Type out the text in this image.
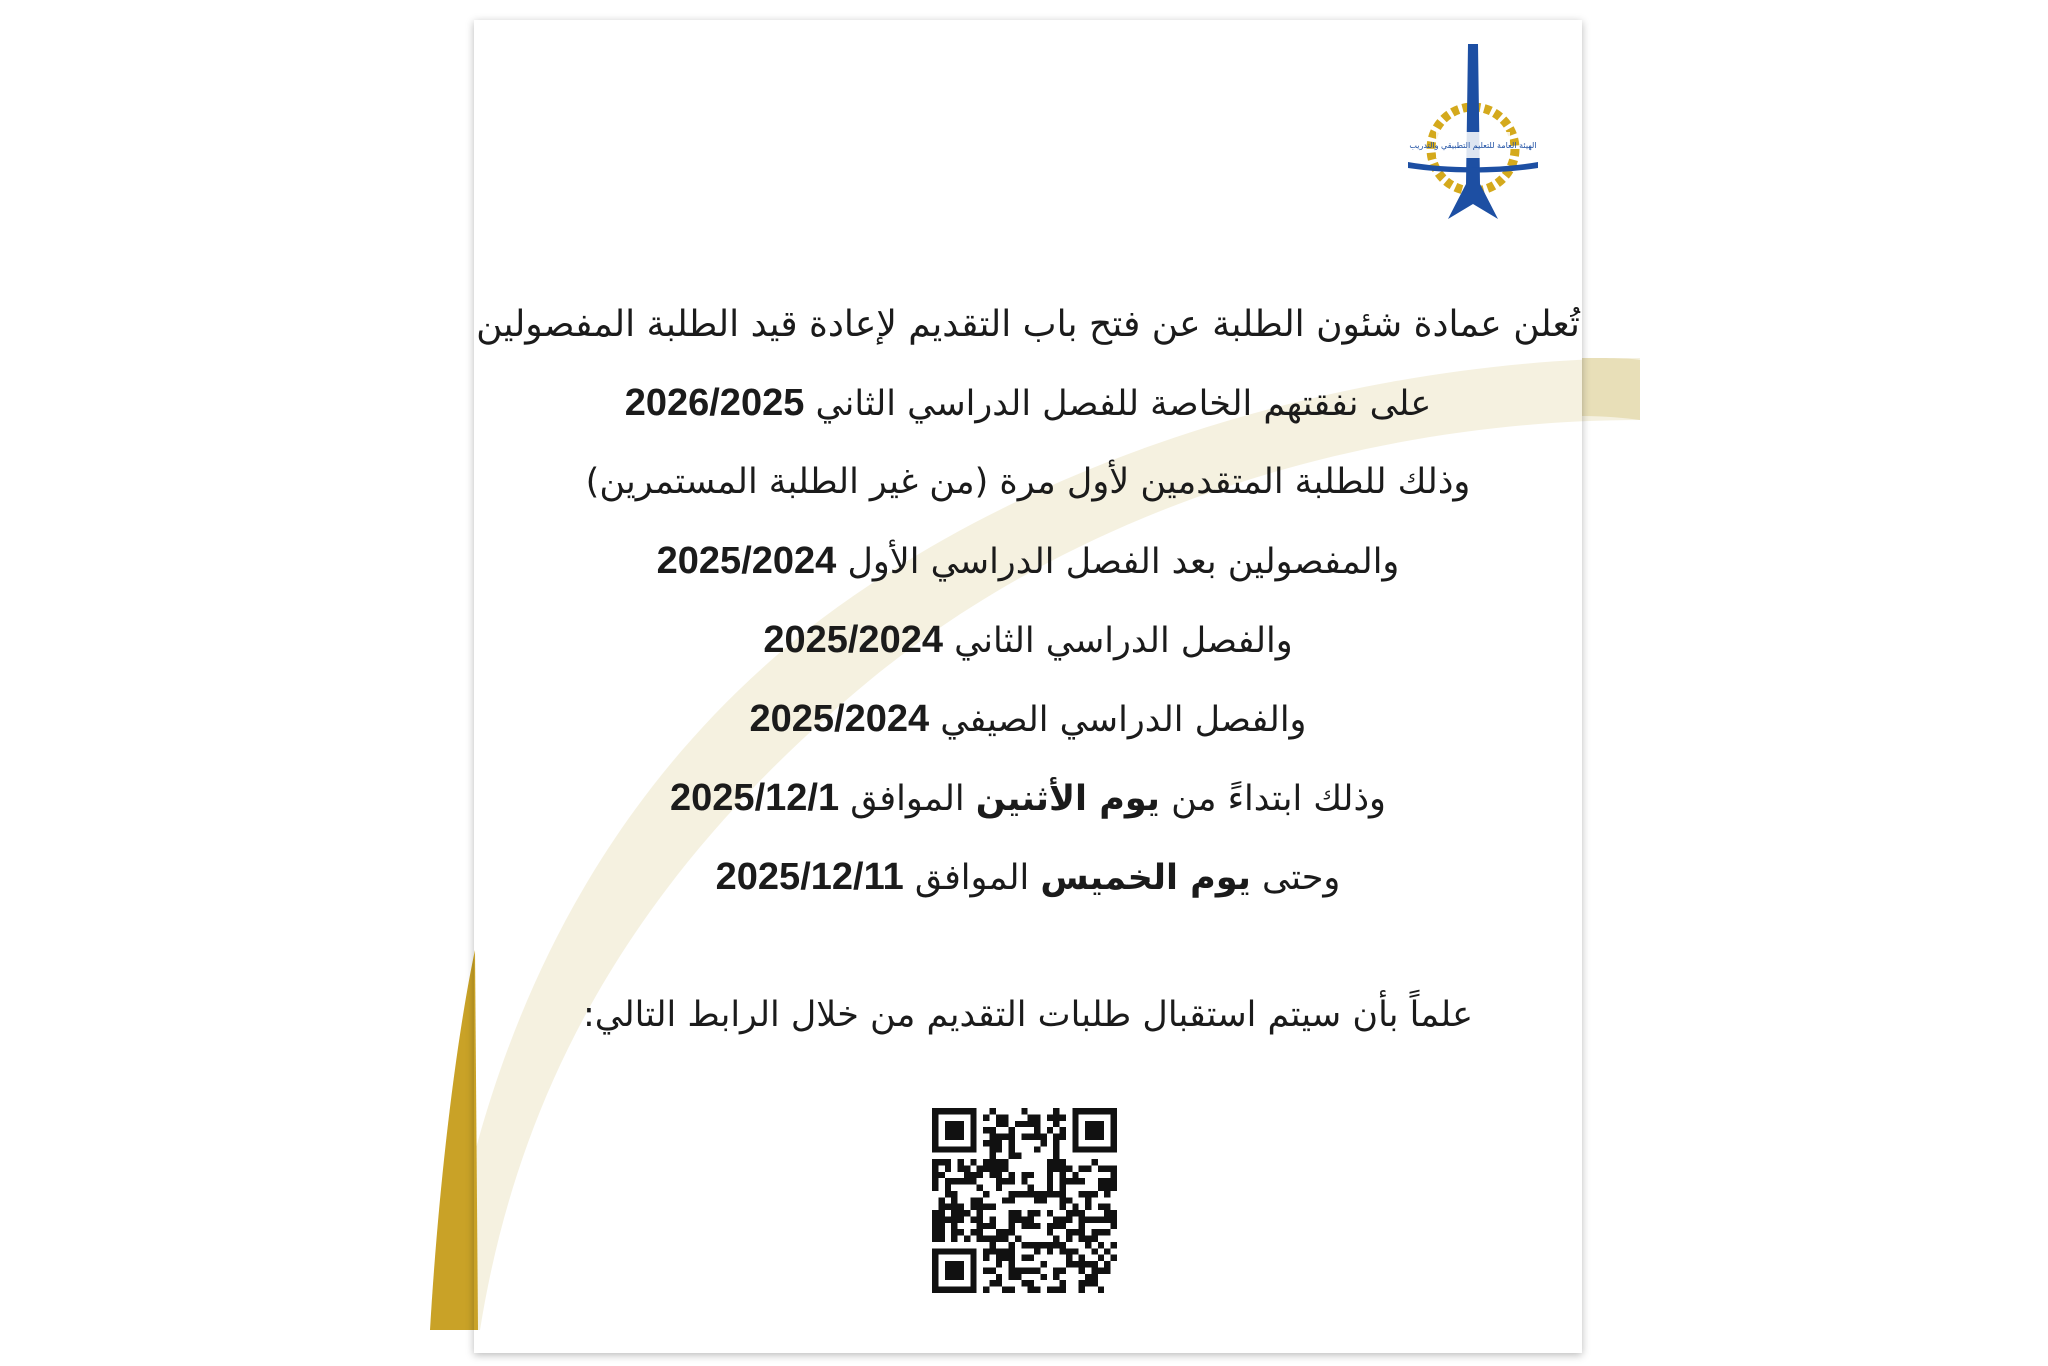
الهيئة العامة للتعليم التطبيقي والتدريب
تُعلن عمادة شئون الطلبة عن فتح باب التقديم لإعادة قيد الطلبة المفصولين
على نفقتهم الخاصة للفصل الدراسي الثاني 2026/2025
وذلك للطلبة المتقدمين لأول مرة (من غير الطلبة المستمرين)
والمفصولين بعد الفصل الدراسي الأول 2025/2024
والفصل الدراسي الثاني 2025/2024
والفصل الدراسي الصيفي 2025/2024
وذلك ابتداءً من يوم الأثنين الموافق 2025/12/1
وحتى يوم الخميس الموافق 2025/12/11
علماً بأن سيتم استقبال طلبات التقديم من خلال الرابط التالي:
